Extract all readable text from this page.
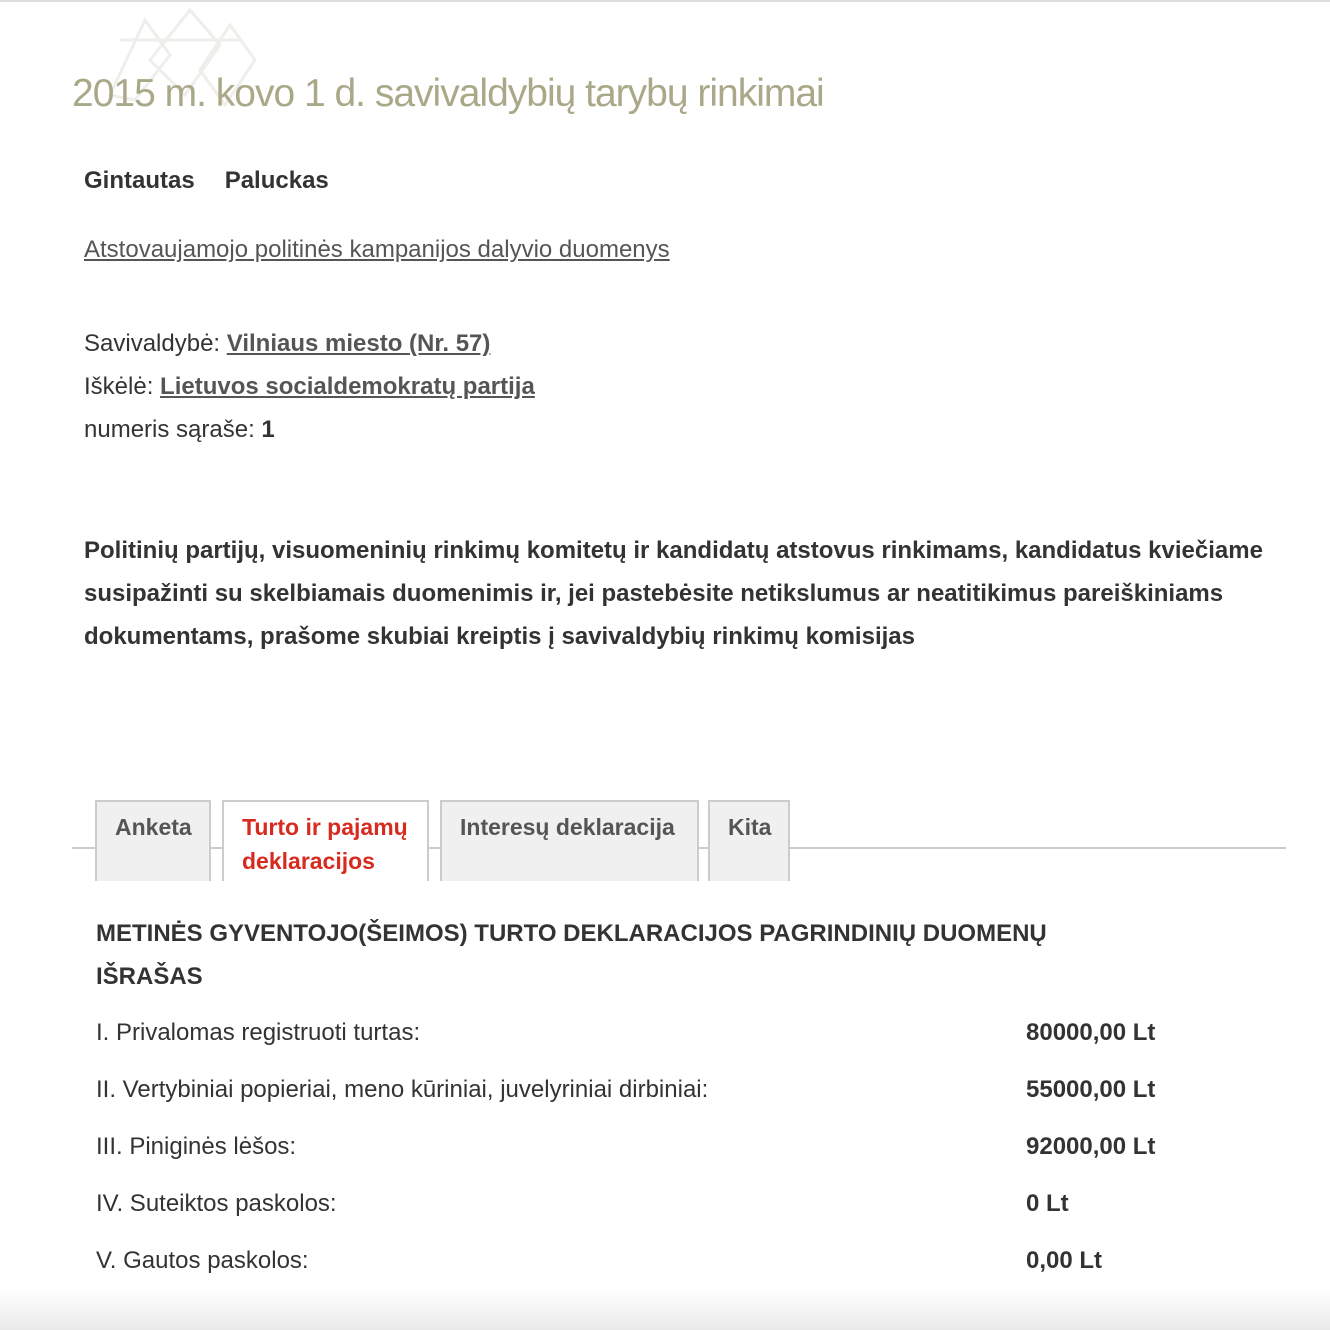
2015 m. kovo 1 d. savivaldybių tarybų rinkimai
Gintautas Paluckas
Atstovaujamojo politinės kampanijos dalyvio duomenys
Savivaldybė: Vilniaus miesto (Nr. 57)
Iškėlė: Lietuvos socialdemokratų partija
numeris sąraše: 1
Politinių partijų, visuomeninių rinkimų komitetų ir kandidatų atstovus rinkimams, kandidatus kviečiame susipažinti su skelbiamais duomenimis ir, jei pastebėsite netikslumus ar neatitikimus pareiškiniams dokumentams, prašome skubiai kreiptis į savivaldybių rinkimų komisijas
Anketa	Turto ir pajamų deklaracijos
Interesų deklaracija	Kita
METINĖS GYVENTOJO(ŠEIMOS) TURTO DEKLARACIJOS PAGRINDINIŲ DUOMENŲ IŠRAŠAS
I. Privalomas registruoti turtas:	80000,00 Lt
II. Vertybiniai popieriai, meno kūriniai, juvelyriniai dirbiniai:	55000,00 Lt
III. Piniginės lėšos:	92000,00 Lt
IV. Suteiktos paskolos:	0 Lt
V. Gautos paskolos:	0,00 Lt
